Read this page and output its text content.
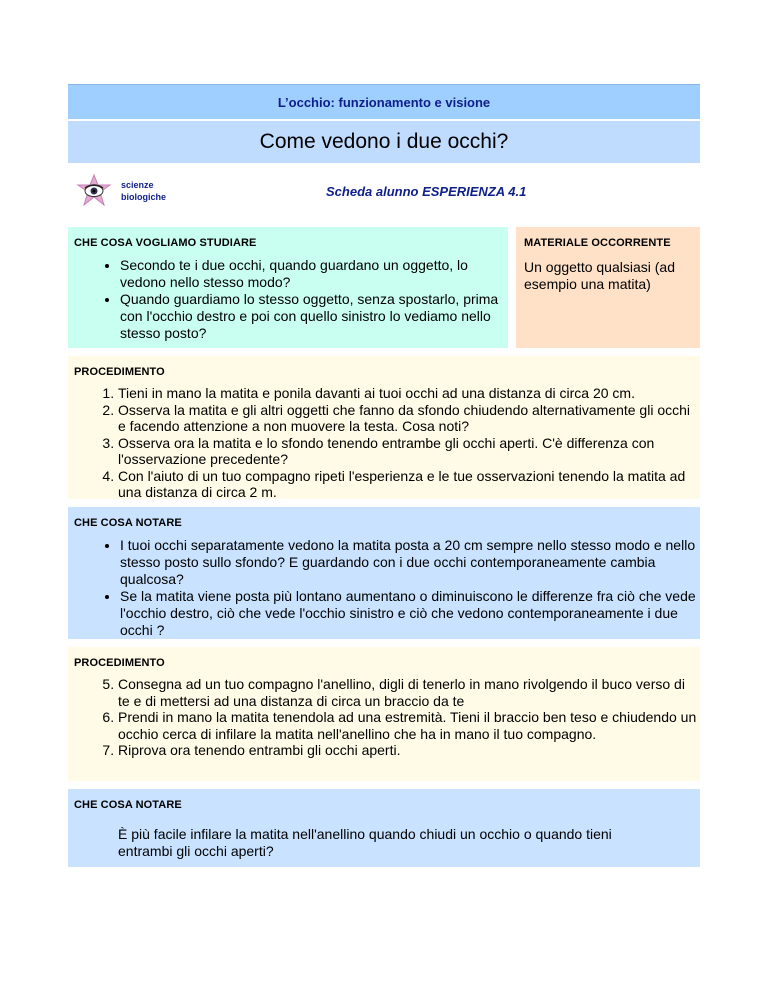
L’occhio: funzionamento e visione
Come vedono i due occhi?
scienze
biologiche	Scheda alunno ESPERIENZA 4.1
CHE COSA VOGLIAMO STUDIARE
• Secondo te i due occhi, quando guardano un oggetto, lo vedono nello stesso modo?
• Quando guardiamo lo stesso oggetto, senza spostarlo, prima con l'occhio destro e poi con quello sinistro lo vediamo nello stesso posto?
MATERIALE OCCORRENTE
Un oggetto qualsiasi (ad esempio una matita)
PROCEDIMENTO
1. Tieni in mano la matita e ponila davanti ai tuoi occhi ad una distanza di circa 20 cm.
2. Osserva la matita e gli altri oggetti che fanno da sfondo chiudendo alternativamente gli occhi e facendo attenzione a non muovere la testa. Cosa noti?
3. Osserva ora la matita e lo sfondo tenendo entrambe gli occhi aperti. C'è differenza con l'osservazione precedente?
4. Con l'aiuto di un tuo compagno ripeti l'esperienza e le tue osservazioni tenendo la matita ad una distanza di circa 2 m.
CHE COSA NOTARE
• I tuoi occhi separatamente vedono la matita posta a 20 cm sempre nello stesso modo e nello stesso posto sullo sfondo? E guardando con i due occhi contemporaneamente cambia qualcosa?
• Se la matita viene posta più lontano aumentano o diminuiscono le differenze fra ciò che vede l'occhio destro, ciò che vede l'occhio sinistro e ciò che vedono contemporaneamente i due occhi ?
PROCEDIMENTO
5. Consegna ad un tuo compagno l'anellino, digli di tenerlo in mano rivolgendo il buco verso di te e di mettersi ad una distanza di circa un braccio da te
6. Prendi in mano la matita tenendola ad una estremità. Tieni il braccio ben teso e chiudendo un occhio cerca di infilare la matita nell'anellino che ha in mano il tuo compagno.
7. Riprova ora tenendo entrambi gli occhi aperti.
CHE COSA NOTARE
È più facile infilare la matita nell'anellino quando chiudi un occhio o quando tieni entrambi gli occhi aperti?
